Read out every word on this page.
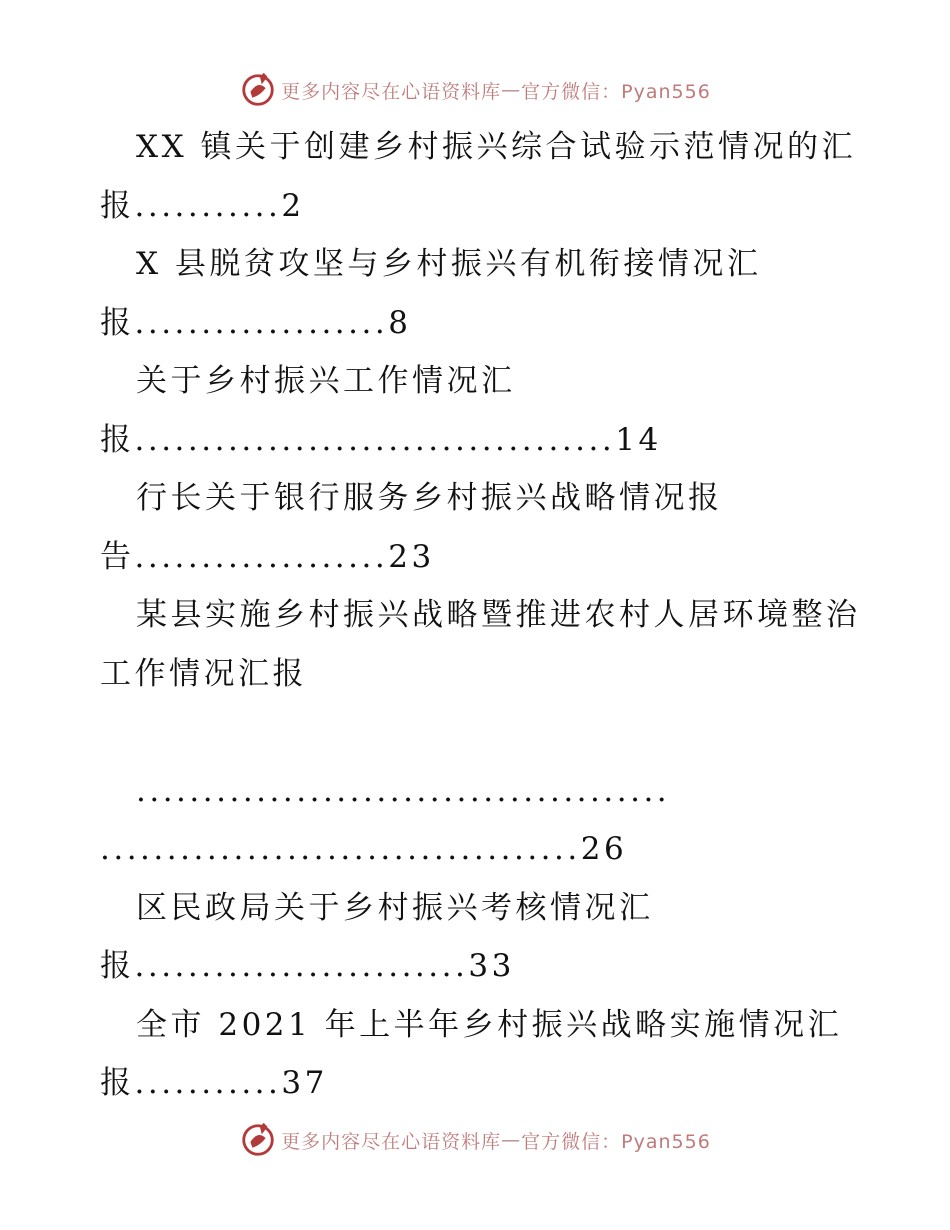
更多内容尽在心语资料库 — 官方微信：Pyan556
XX 镇关于创建乡村振兴综合试验示范情况的汇
报...........2
X 县脱贫攻坚与乡村振兴有机衔接情况汇
报...................8
关于乡村振兴工作情况汇
报....................................14
行长关于银行服务乡村振兴战略情况报
告...................23
某县实施乡村振兴战略暨推进农村人居环境整治
工作情况汇报
........................................
....................................26
区民政局关于乡村振兴考核情况汇
报.........................33
全市 2021 年上半年乡村振兴战略实施情况汇
报...........37
更多内容尽在心语资料库 — 官方微信：Pyan556
